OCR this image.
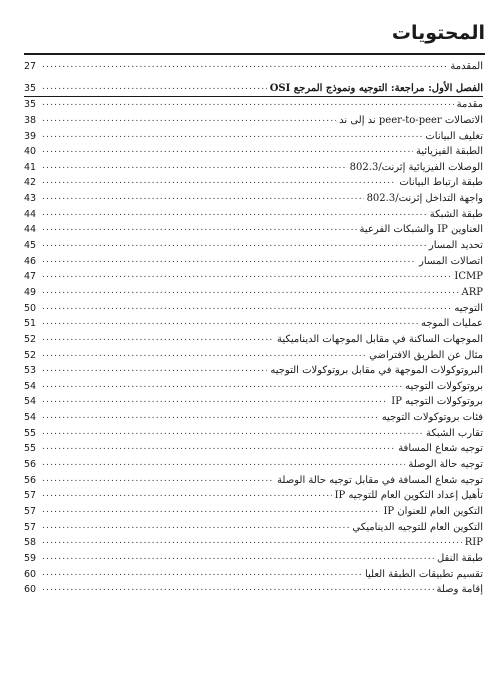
المحتويات
27 .....	المقدمة
35 .....	الفصل الأول: مراجعة: التوجيه ونموذج المرجع OSI
35 .....	مقدمة
38 .....	الاتصالات peer-to-peer ند إلى ند
39 .....	تغليف البيانات
40 .....	الطبقة الفيزيائية
41 .....	الوصلات الفيزيائية إثرنت/802.3
42 .....	طبقة ارتباط البيانات
43 .....	واجهة التداخل إثرنت/802.3
44 .....	طبقة الشبكة
44 .....	العناوين IP والشبكات الفرعية
45 .....	تحديد المسار
46 .....	اتصالات المسار
47 .....	ICMP
49 .....	ARP
50 .....	التوجيه
51 .....	عمليات الموجه
52 .....	الموجهات الساكنة في مقابل الموجهات الديناميكية
52 .....	مثال عن الطريق الافتراضي
53 .....	البروتوكولات الموجهة في مقابل بروتوكولات التوجيه
54 .....	بروتوكولات التوجيه
54 .....	بروتوكولات التوجيه IP
54 .....	فئات بروتوكولات التوجيه
55 .....	تقارب الشبكة
55 .....	توجيه شعاع المسافة
56 .....	توجيه حالة الوصلة
56 .....	توجيه شعاع المسافة في مقابل توجيه حالة الوصلة
57 .....	تأهيل إعداد التكوين العام للتوجيه IP
57 .....	التكوين العام للعنوان IP
57 .....	التكوين العام للتوجيه الديناميكي
58 .....	RIP
59 .....	طبقة النقل
60 .....	تقسيم تطبيقات الطبقة العليا
60 .....	إقامة وصلة
